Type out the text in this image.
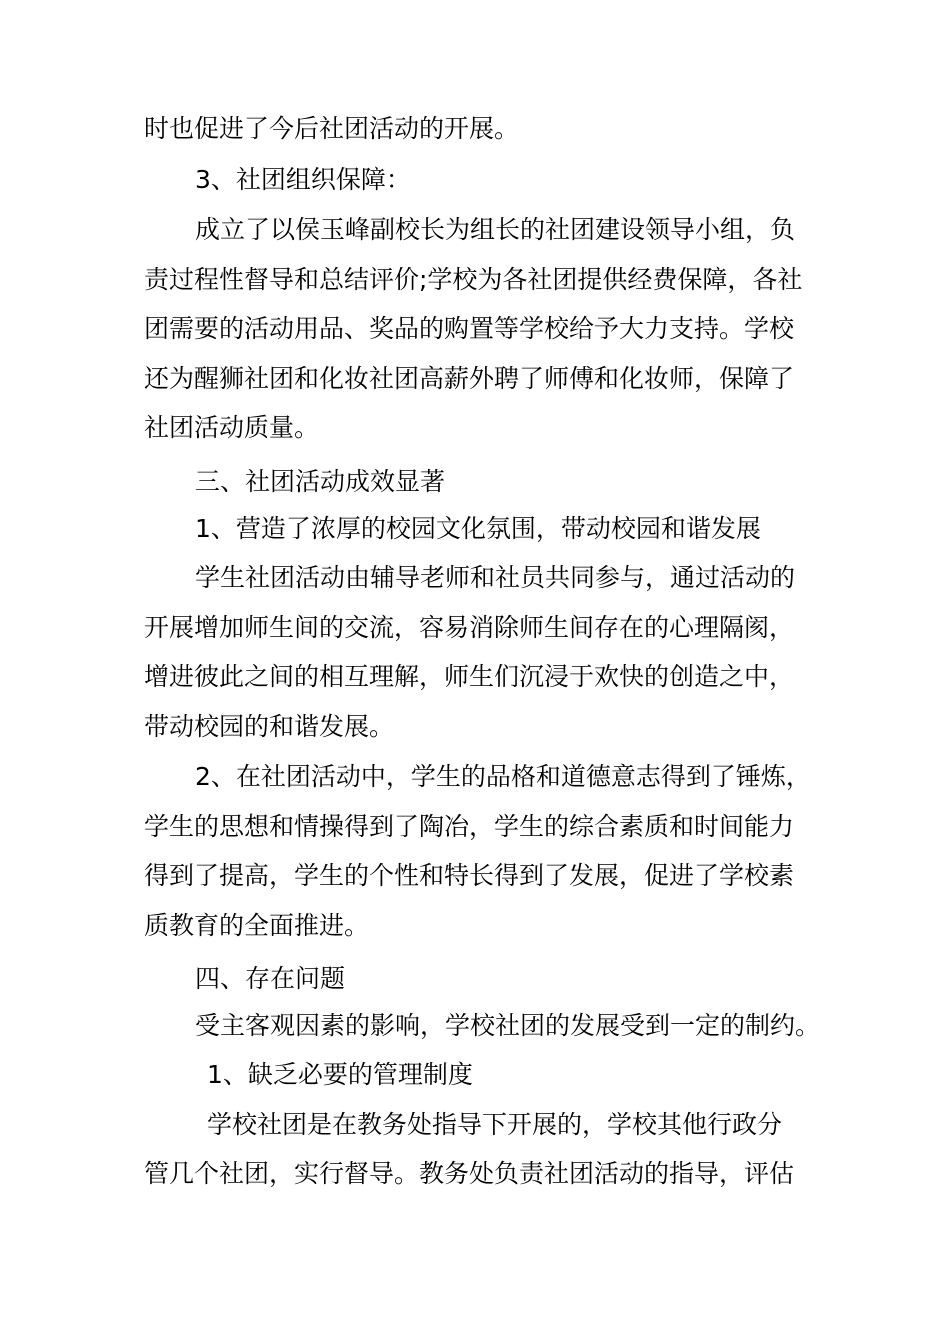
时也促进了今后社团活动的开展。
3、社团组织保障：
成立了以侯玉峰副校长为组长的社团建设领导小组，负
责过程性督导和总结评价;学校为各社团提供经费保障，各社
团需要的活动用品、奖品的购置等学校给予大力支持。学校
还为醒狮社团和化妆社团高薪外聘了师傅和化妆师，保障了
社团活动质量。
三、社团活动成效显著
1、营造了浓厚的校园文化氛围，带动校园和谐发展
学生社团活动由辅导老师和社员共同参与，通过活动的
开展增加师生间的交流，容易消除师生间存在的心理隔阂，
增进彼此之间的相互理解，师生们沉浸于欢快的创造之中，
带动校园的和谐发展。
2、在社团活动中，学生的品格和道德意志得到了锤炼，
学生的思想和情操得到了陶冶，学生的综合素质和时间能力
得到了提高，学生的个性和特长得到了发展，促进了学校素
质教育的全面推进。
四、存在问题
受主客观因素的影响，学校社团的发展受到一定的制约。
1、缺乏必要的管理制度
学校社团是在教务处指导下开展的，学校其他行政分
管几个社团，实行督导。教务处负责社团活动的指导，评估
